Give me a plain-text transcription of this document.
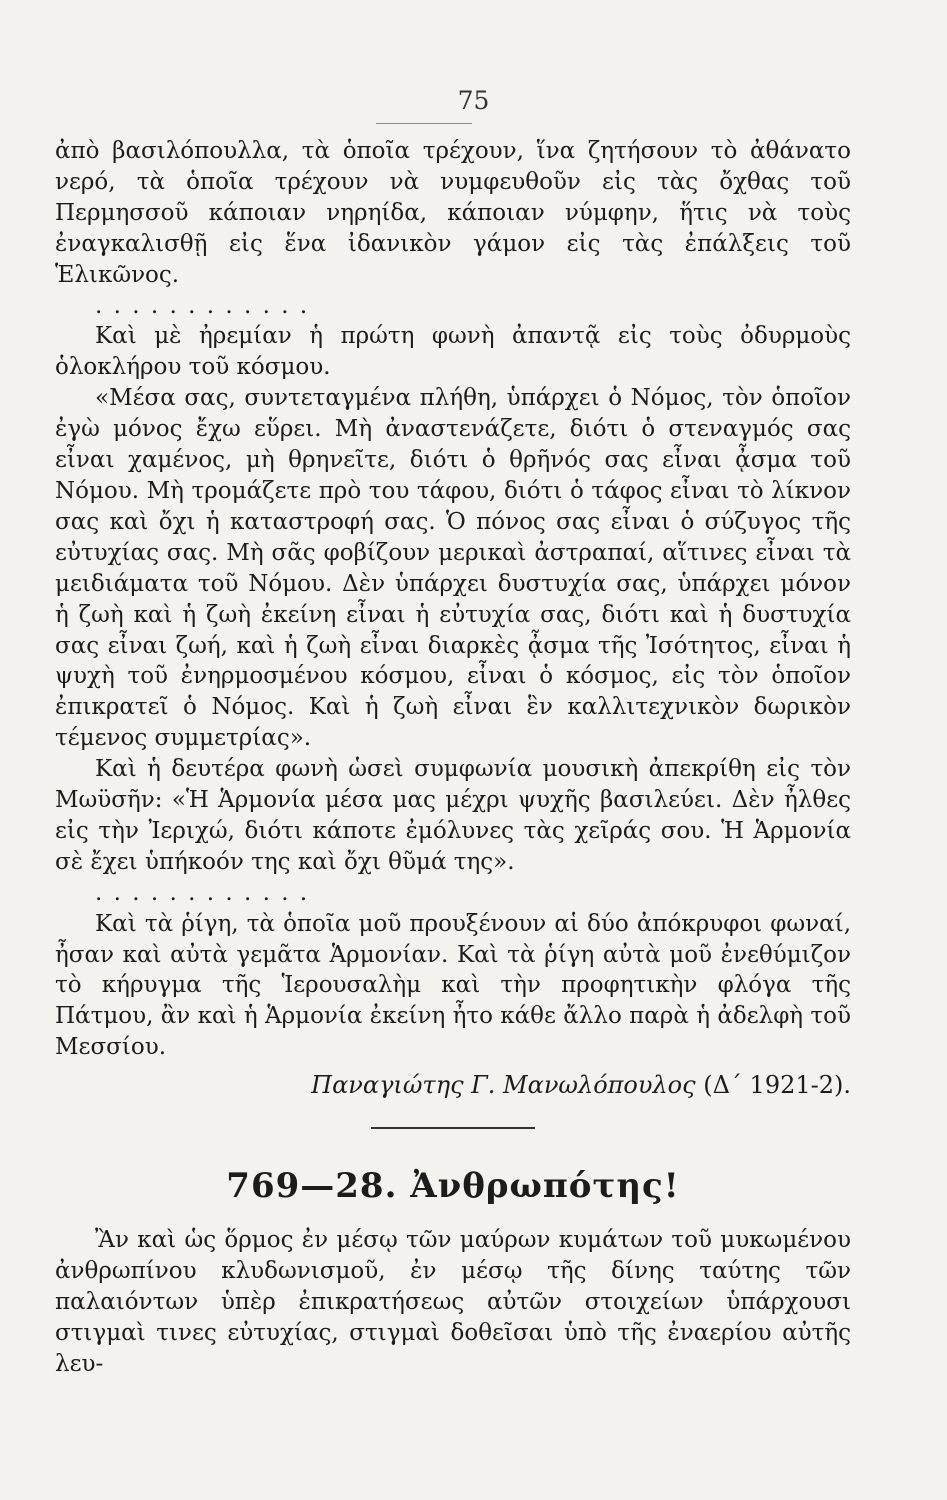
75

ἀπὸ βασιλόπουλλα, τὰ ὁποῖα τρέχουν, ἵνα ζητήσουν τὸ ἀθάνατο νερό, τὰ ὁποῖα τρέχουν νὰ νυμφευθοῦν εἰς τὰς ὄχθας τοῦ Περμησσοῦ κάποιαν νηρηίδα, κάποιαν νύμφην, ἥτις νὰ τοὺς ἐναγκαλισθῇ εἰς ἕνα ἰδανικὸν γάμον εἰς τὰς ἐπάλξεις τοῦ Ἑλικῶνος.

. . . . . . . . . . . .

Καὶ μὲ ἠρεμίαν ἡ πρώτη φωνὴ ἀπαντᾷ εἰς τοὺς ὀδυρμοὺς ὁλοκλήρου τοῦ κόσμου.

«Μέσα σας, συντεταγμένα πλήθη, ὑπάρχει ὁ Νόμος, τὸν ὁποῖον ἐγὼ μόνος ἔχω εὕρει. Μὴ ἀναστενάζετε, διότι ὁ στεναγμός σας εἶναι χαμένος, μὴ θρηνεῖτε, διότι ὁ θρῆνός σας εἶναι ᾆσμα τοῦ Νόμου. Μὴ τρομάζετε πρὸ του τάφου, διότι ὁ τάφος εἶναι τὸ λίκνον σας καὶ ὄχι ἡ καταστροφή σας. Ὁ πόνος σας εἶναι ὁ σύζυγος τῆς εὐτυχίας σας. Μὴ σᾶς φοβίζουν μερικαὶ ἀστραπαί, αἵτινες εἶναι τὰ μειδιάματα τοῦ Νόμου. Δὲν ὑπάρχει δυστυχία σας, ὑπάρχει μόνον ἡ ζωὴ καὶ ἡ ζωὴ ἐκείνη εἶναι ἡ εὐτυχία σας, διότι καὶ ἡ δυστυχία σας εἶναι ζωή, καὶ ἡ ζωὴ εἶναι διαρκὲς ᾆσμα τῆς Ἰσότητος, εἶναι ἡ ψυχὴ τοῦ ἐνηρμοσμένου κόσμου, εἶναι ὁ κόσμος, εἰς τὸν ὁποῖον ἐπικρατεῖ ὁ Νόμος. Καὶ ἡ ζωὴ εἶναι ἓν καλλιτεχνικὸν δωρικὸν τέμενος συμμετρίας».

Καὶ ἡ δευτέρα φωνὴ ὡσεὶ συμφωνία μουσικὴ ἀπεκρίθη εἰς τὸν Μωϋσῆν: «Ἡ Ἁρμονία μέσα μας μέχρι ψυχῆς βασιλεύει. Δὲν ἦλθες εἰς τὴν Ἰεριχώ, διότι κάποτε ἐμόλυνες τὰς χεῖράς σου. Ἡ Ἁρμονία σὲ ἔχει ὑπήκοόν της καὶ ὄχι θῦμά της».

. . . . . . . . . . . .

Καὶ τὰ ῥίγη, τὰ ὁποῖα μοῦ προυξένουν αἱ δύο ἀπόκρυφοι φωναί, ἦσαν καὶ αὐτὰ γεμᾶτα Ἁρμονίαν. Καὶ τὰ ῥίγη αὐτὰ μοῦ ἐνεθύμιζον τὸ κήρυγμα τῆς Ἱερουσαλὴμ καὶ τὴν προφητικὴν φλόγα τῆς Πάτμου, ἂν καὶ ἡ Ἁρμονία ἐκείνη ἦτο κάθε ἄλλο παρὰ ἡ ἀδελφὴ τοῦ Μεσσίου.

Παναγιώτης Γ. Μανωλόπουλος (Δ΄ 1921-2).

769—28. Ἀνθρωπότης!

Ἂν καὶ ὡς ὅρμος ἐν μέσῳ τῶν μαύρων κυμάτων τοῦ μυκωμένου ἀνθρωπίνου κλυδωνισμοῦ, ἐν μέσῳ τῆς δίνης ταύτης τῶν παλαιόντων ὑπὲρ ἐπικρατήσεως αὐτῶν στοιχείων ὑπάρχουσι στιγμαὶ τινες εὐτυχίας, στιγμαὶ δοθεῖσαι ὑπὸ τῆς ἐναερίου αὐτῆς λευ-
